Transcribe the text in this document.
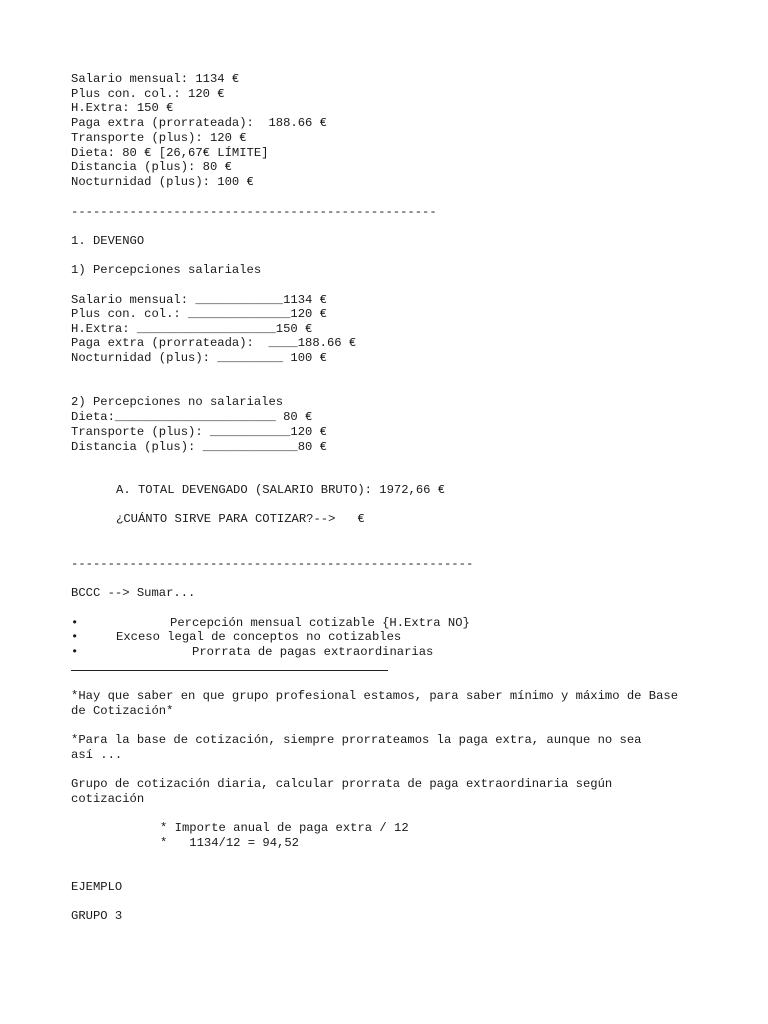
Salario mensual: 1134 €
Plus con. col.: 120 €
H.Extra: 150 €
Paga extra (prorrateada):  188.66 €
Transporte (plus): 120 €
Dieta: 80 € [26,67€ LÍMITE]
Distancia (plus): 80 €
Nocturnidad (plus): 100 €
--------------------------------------------------
1. DEVENGO
1) Percepciones salariales
Salario mensual: ____________1134 €
Plus con. col.: ______________120 €
H.Extra: ___________________150 €
Paga extra (prorrateada):  ____188.66 €
Nocturnidad (plus): _________ 100 €
2) Percepciones no salariales
Dieta:______________________ 80 €
Transporte (plus): ___________120 €
Distancia (plus): _____________80 €
A. TOTAL DEVENGADO (SALARIO BRUTO): 1972,66 €
¿CUÁNTO SIRVE PARA COTIZAR?-->   €
-------------------------------------------------------
BCCC --> Sumar...
•	Percepción mensual cotizable {H.Extra NO}
•	Exceso legal de conceptos no cotizables
•	Prorrata de pagas extraordinarias
*Hay que saber en que grupo profesional estamos, para saber mínimo y máximo de Base
de Cotización*
*Para la base de cotización, siempre prorrateamos la paga extra, aunque no sea
así ...
Grupo de cotización diaria, calcular prorrata de paga extraordinaria según
cotización
* Importe anual de paga extra / 12
*   1134/12 = 94,52
EJEMPLO
GRUPO 3
